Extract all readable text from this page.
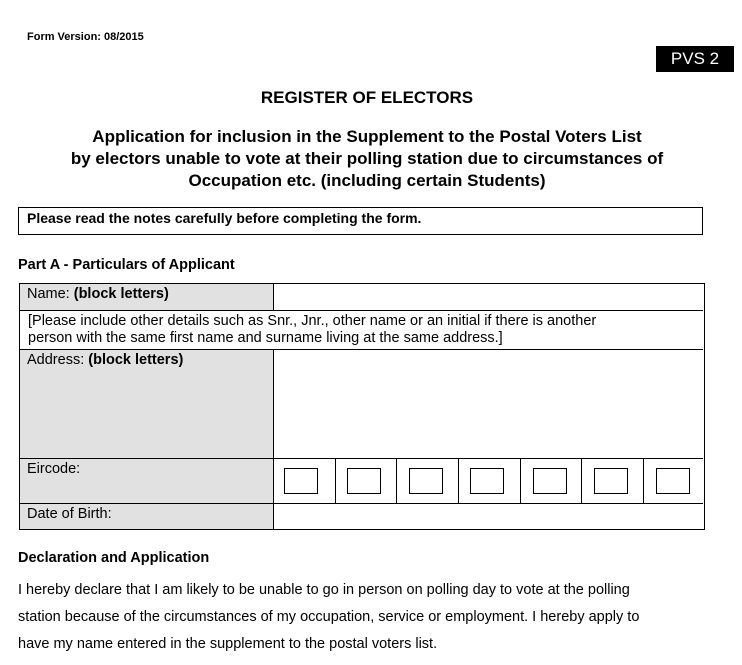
Form Version: 08/2015
PVS 2
REGISTER OF ELECTORS
Application for inclusion in the Supplement to the Postal Voters List
by electors unable to vote at their polling station due to circumstances of
Occupation etc. (including certain Students)
Please read the notes carefully before completing the form.
Part A - Particulars of Applicant
Name: (block letters)
[Please include other details such as Snr., Jnr., other name or an initial if there is another
person with the same first name and surname living at the same address.]
Address: (block letters)
Eircode:
Date of Birth:
Declaration and Application
I hereby declare that I am likely to be unable to go in person on polling day to vote at the polling
station because of the circumstances of my occupation, service or employment. I hereby apply to
have my name entered in the supplement to the postal voters list.
